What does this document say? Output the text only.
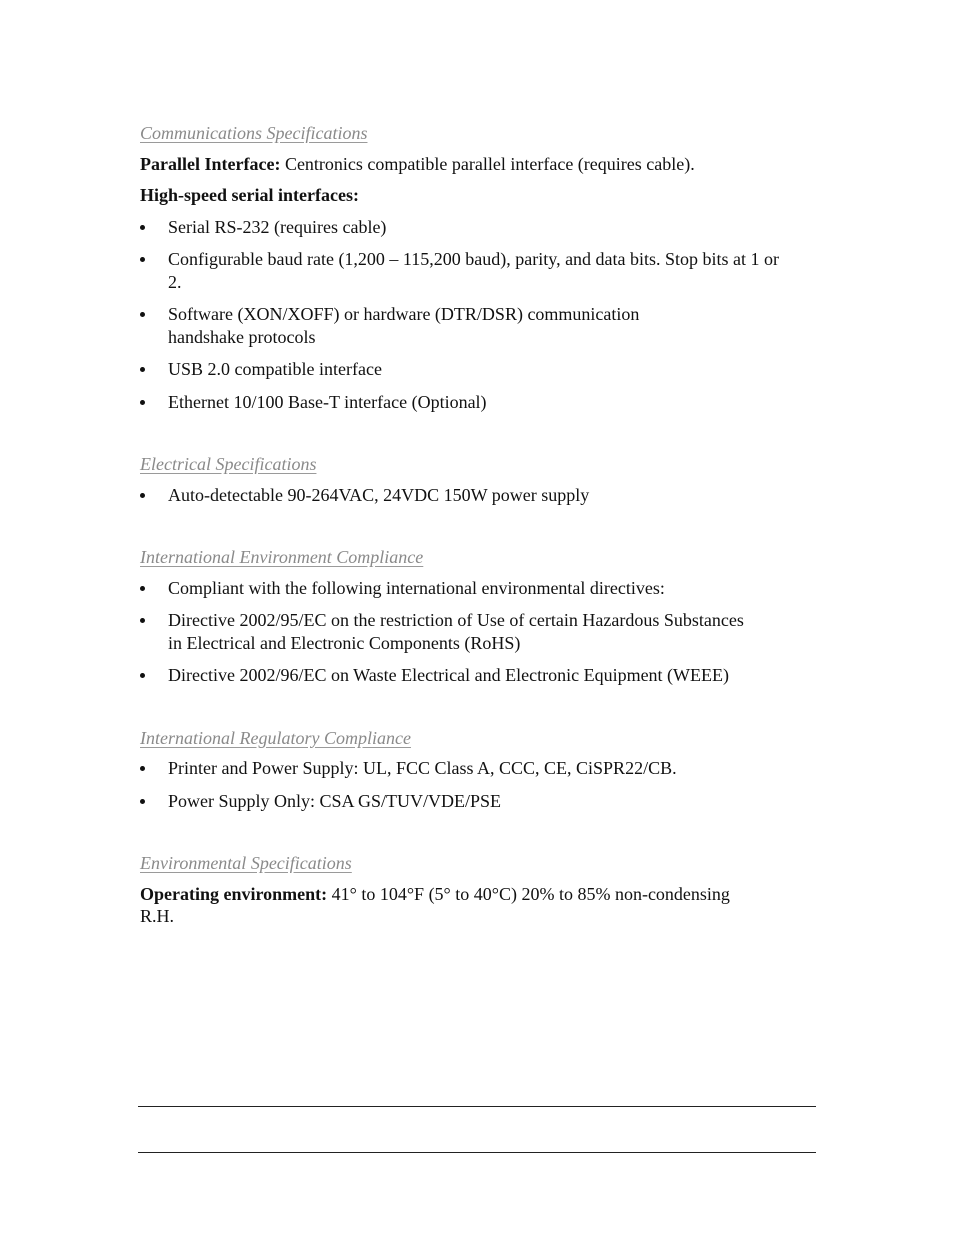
Communications Specifications

Parallel Interface: Centronics compatible parallel interface (requires cable).

High-speed serial interfaces:

Serial RS-232 (requires cable)
Configurable baud rate (1,200 – 115,200 baud), parity, and data bits. Stop bits at 1 or 2.
Software (XON/XOFF) or hardware (DTR/DSR) communication handshake protocols
USB 2.0 compatible interface
Ethernet 10/100 Base-T interface (Optional)
Electrical Specifications
Auto-detectable 90-264VAC, 24VDC 150W power supply
International Environment Compliance
Compliant with the following international environmental directives:
Directive 2002/95/EC on the restriction of Use of certain Hazardous Substances in Electrical and Electronic Components (RoHS)
Directive 2002/96/EC on Waste Electrical and Electronic Equipment (WEEE)
International Regulatory Compliance
Printer and Power Supply: UL, FCC Class A, CCC, CE, CiSPR22/CB.
Power Supply Only: CSA GS/TUV/VDE/PSE
Environmental Specifications

Operating environment: 41° to 104°F (5° to 40°C) 20% to 85% non-condensing R.H.
